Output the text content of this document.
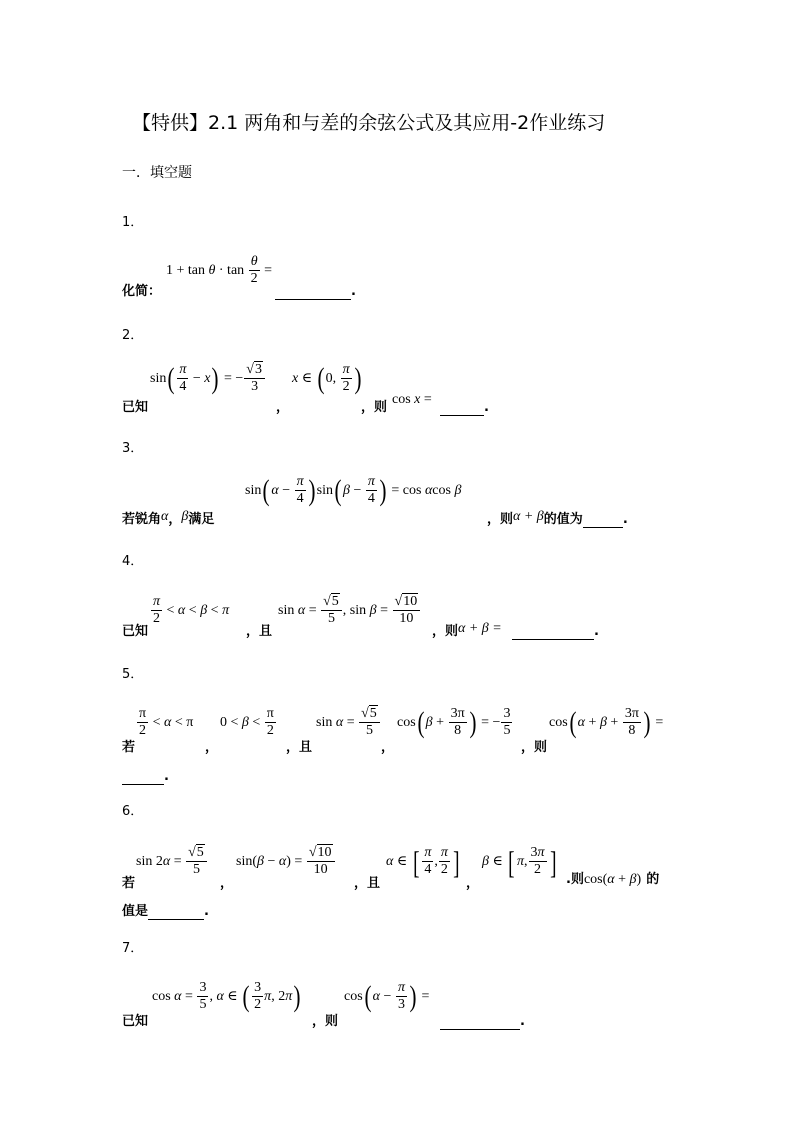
【特供】2.1 两角和与差的余弦公式及其应用-2作业练习
一．填空题
1．
$1 + \tan \theta \cdot \tan \frac{\theta}{2}$ =
化简：	.
2．
$\sin( \frac{\pi}{4} - x)$ = − $\frac{√3}{3}$ x ∈ ( 0, $\frac{\pi}{2}$ )
已知	，	，则
cos x =
.
3．
sin( $\alpha - \frac{\pi}{4}$ ) sin( $\beta - \frac{\pi}{4}$ ) = cos αcos β
若锐角α，β满足	，则α + β的值为	.
4．
$\frac{\pi}{2} < \alpha < \beta < \pi$	$\sin \alpha = \frac{√5}{5}$ , $\sin \beta = \frac{√10}{10}$
已知	，且	，则α + β =	.
5．
$\frac{\pi}{2} < \alpha < \pi$ $0 < \beta < \frac{\pi}{2}$	$\sin \alpha = \frac{√5}{5} \cos$( $\beta + \frac{3\pi}{8}$ ) = − $\frac{3}{5}$	cos( $\alpha + \beta + \frac{3\pi}{8}$ ) =
若	，	，且	，	，则
.
6．
$\sin 2\alpha = \frac{√5}{5} \sin(\beta - \alpha) = \frac{√10}{10}$	α ∈ [ $\frac{\pi}{4}$ , $\frac{\pi}{2}$ ] β ∈ [ π, $\frac{3\pi}{2}$ ]
若	，	，且	，	.则cos(α + β) 的
值是	.
7．
$\cos \alpha = \frac{3}{5}$ , α ∈ ( $\frac{3}{2} \pi$, 2π)	cos( $\alpha - \frac{\pi}{3}$ ) =
已知	，则	.
